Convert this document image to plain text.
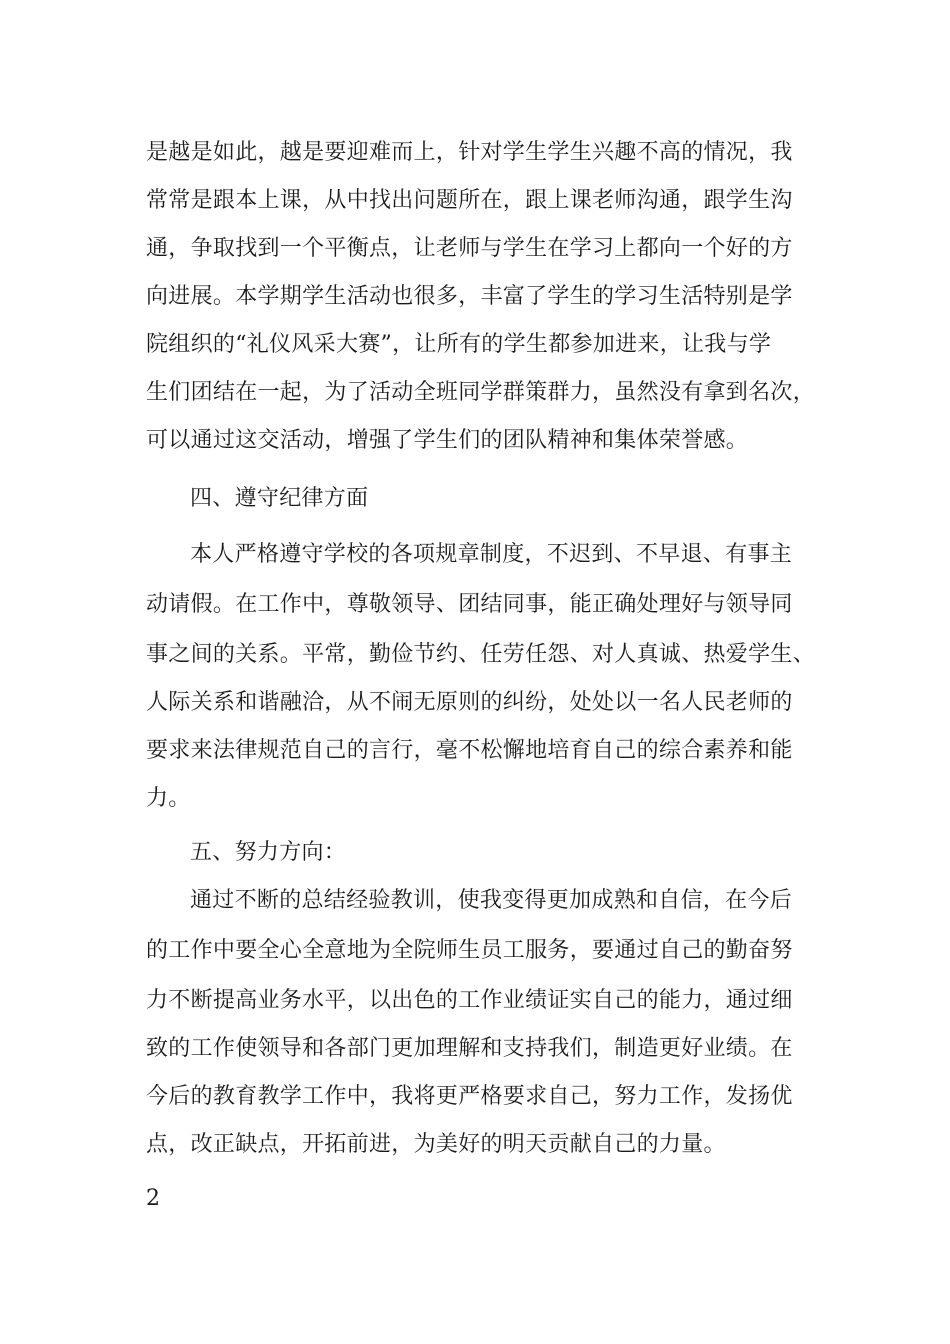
是越是如此，越是要迎难而上，针对学生学生兴趣不高的情况，我
常常是跟本上课，从中找出问题所在，跟上课老师沟通，跟学生沟
通，争取找到一个平衡点，让老师与学生在学习上都向一个好的方
向进展。本学期学生活动也很多，丰富了学生的学习生活特别是学
院组织的“礼仪风采大赛”，让所有的学生都参加进来，让我与学
生们团结在一起，为了活动全班同学群策群力，虽然没有拿到名次，
可以通过这交活动，增强了学生们的团队精神和集体荣誉感。
四、遵守纪律方面
本人严格遵守学校的各项规章制度，不迟到、不早退、有事主
动请假。在工作中，尊敬领导、团结同事，能正确处理好与领导同
事之间的关系。平常，勤俭节约、任劳任怨、对人真诚、热爱学生、
人际关系和谐融洽，从不闹无原则的纠纷，处处以一名人民老师的
要求来法律规范自己的言行，毫不松懈地培育自己的综合素养和能
力。
五、努力方向：
通过不断的总结经验教训，使我变得更加成熟和自信，在今后
的工作中要全心全意地为全院师生员工服务，要通过自己的勤奋努
力不断提高业务水平，以出色的工作业绩证实自己的能力，通过细
致的工作使领导和各部门更加理解和支持我们，制造更好业绩。在
今后的教育教学工作中，我将更严格要求自己，努力工作，发扬优
点，改正缺点，开拓前进，为美好的明天贡献自己的力量。
2
